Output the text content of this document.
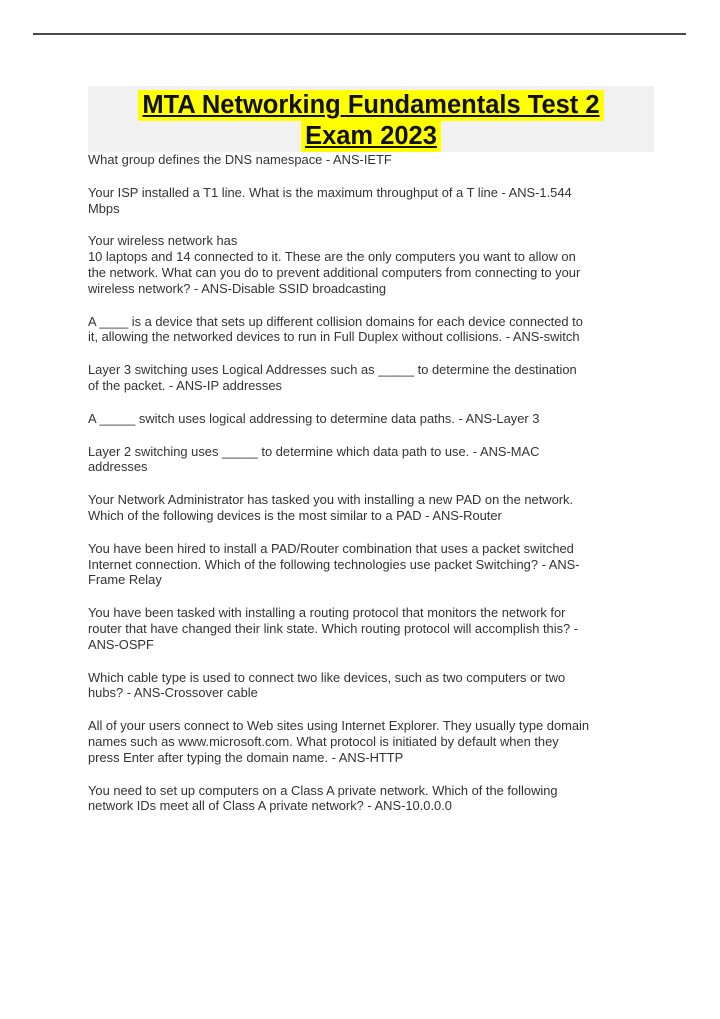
MTA Networking Fundamentals Test 2
Exam 2023
What group defines the DNS namespace - ANS-IETF
Your ISP installed a T1 line. What is the maximum throughput of a T line - ANS-1.544
Mbps
Your wireless network has
10 laptops and 14 connected to it. These are the only computers you want to allow on
the network. What can you do to prevent additional computers from connecting to your
wireless network? - ANS-Disable SSID broadcasting
A ____ is a device that sets up different collision domains for each device connected to
it, allowing the networked devices to run in Full Duplex without collisions. - ANS-switch
Layer 3 switching uses Logical Addresses such as _____ to determine the destination
of the packet. - ANS-IP addresses
A _____ switch uses logical addressing to determine data paths. - ANS-Layer 3
Layer 2 switching uses _____ to determine which data path to use. - ANS-MAC
addresses
Your Network Administrator has tasked you with installing a new PAD on the network.
Which of the following devices is the most similar to a PAD - ANS-Router
You have been hired to install a PAD/Router combination that uses a packet switched
Internet connection. Which of the following technologies use packet Switching? - ANS-
Frame Relay
You have been tasked with installing a routing protocol that monitors the network for
router that have changed their link state. Which routing protocol will accomplish this? -
ANS-OSPF
Which cable type is used to connect two like devices, such as two computers or two
hubs? - ANS-Crossover cable
All of your users connect to Web sites using Internet Explorer. They usually type domain
names such as www.microsoft.com. What protocol is initiated by default when they
press Enter after typing the domain name. - ANS-HTTP
You need to set up computers on a Class A private network. Which of the following
network IDs meet all of Class A private network? - ANS-10.0.0.0
